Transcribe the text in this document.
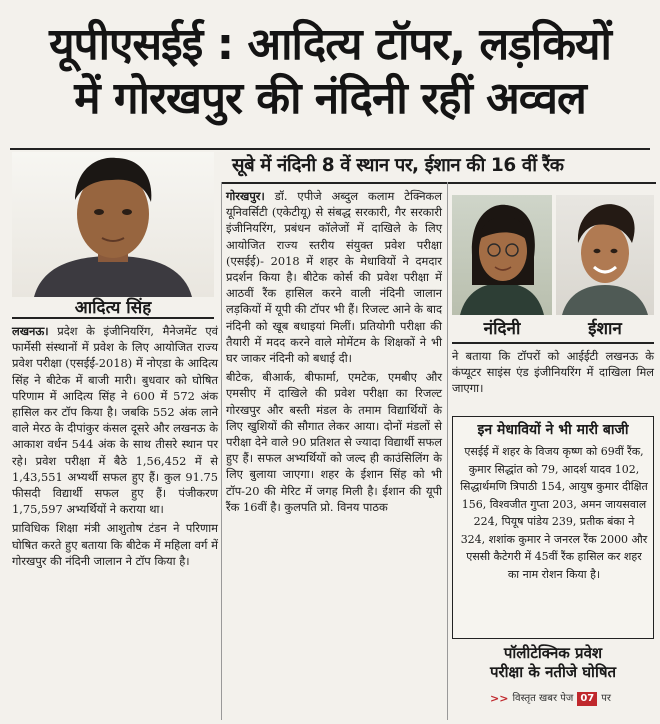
यूपीएसईई : आदित्य टॉपर, लड़कियों
में गोरखपुर की नंदिनी रहीं अव्वल
आदित्य सिंह

लखनऊ। प्रदेश के इंजीनियरिंग, मैनेजमेंट एवं फार्मेसी संस्थानों में प्रवेश के लिए आयोजित राज्य प्रवेश परीक्षा (एसईई-2018) में नोएडा के आदित्य सिंह ने बीटेक में बाजी मारी। बुधवार को घोषित परिणाम में आदित्य सिंह ने 600 में 572 अंक हासिल कर टॉप किया है। जबकि 552 अंक लाने वाले मेरठ के दीपांकुर कंसल दूसरे और लखनऊ के आकाश वर्धन 544 अंक के साथ तीसरे स्थान पर रहे। प्रवेश परीक्षा में बैठे 1,56,452 में से 1,43,551 अभ्यर्थी सफल हुए हैं। कुल 91.75 फीसदी विद्यार्थी सफल हुए हैं। पंजीकरण 1,75,597 अभ्यर्थियों ने कराया था।

प्राविधिक शिक्षा मंत्री आशुतोष टंडन ने परिणाम घोषित करते हुए बताया कि बीटेक में महिला वर्ग में गोरखपुर की नंदिनी जालान ने टॉप किया है।

सूबे में नंदिनी 8 वें स्थान पर, ईशान की 16 वीं रैंक

गोरखपुर। डॉ. एपीजे अब्दुल कलाम टेक्निकल यूनिवर्सिटी (एकेटीयू) से संबद्ध सरकारी, गैर सरकारी इंजीनियरिंग, प्रबंधन कॉलेजों में दाखिले के लिए आयोजित राज्य स्तरीय संयुक्त प्रवेश परीक्षा (एसईई)- 2018 में शहर के मेधावियों ने दमदार प्रदर्शन किया है। बीटेक कोर्स की प्रवेश परीक्षा में आठवीं रैंक हासिल करने वाली नंदिनी जालान लड़कियों में यूपी की टॉपर भी हैं। रिजल्ट आने के बाद नंदिनी को खूब बधाइयां मिलीं। प्रतियोगी परीक्षा की तैयारी में मदद करने वाले मोमेंटम के शिक्षकों ने भी घर जाकर नंदिनी को बधाई दी।

बीटेक, बीआर्क, बीफार्मा, एमटेक, एमबीए और एमसीए में दाखिले की प्रवेश परीक्षा का रिजल्ट गोरखपुर और बस्ती मंडल के तमाम विद्यार्थियों के लिए खुशियों की सौगात लेकर आया। दोनों मंडलों से परीक्षा देने वाले 90 प्रतिशत से ज्यादा विद्यार्थी सफल हुए हैं। सफल अभ्यर्थियों को जल्द ही काउंसिलिंग के लिए बुलाया जाएगा। शहर के ईशान सिंह को भी टॉप-20 की मेरिट में जगह मिली है। ईशान की यूपी रैंक 16वीं है। कुलपति प्रो. विनय पाठक

नंदिनी	ईशान

ने बताया कि टॉपरों को आईईटी लखनऊ के कंप्यूटर साइंस एंड इंजीनियरिंग में दाखिला मिल जाएगा।

इन मेधावियों ने भी मारी बाजी
एसईई में शहर के विजय कृष्ण को 69वीं रैंक, कुमार सिद्धांत को 79, आदर्श यादव 102, सिद्धार्थमणि त्रिपाठी 154, आयुष कुमार दीक्षित 156, विश्वजीत गुप्ता 203, अमन जायसवाल 224, पियूष पांडेय 239, प्रतीक बंका ने 324, शशांक कुमार ने जनरल रैंक 2000 और एससी कैटेगरी में 45वीं रैंक हासिल कर शहर का नाम रोशन किया है।
पॉलीटेक्निक प्रवेश
परीक्षा के नतीजे घोषित
>> विस्तृत खबर पेज 07 पर
